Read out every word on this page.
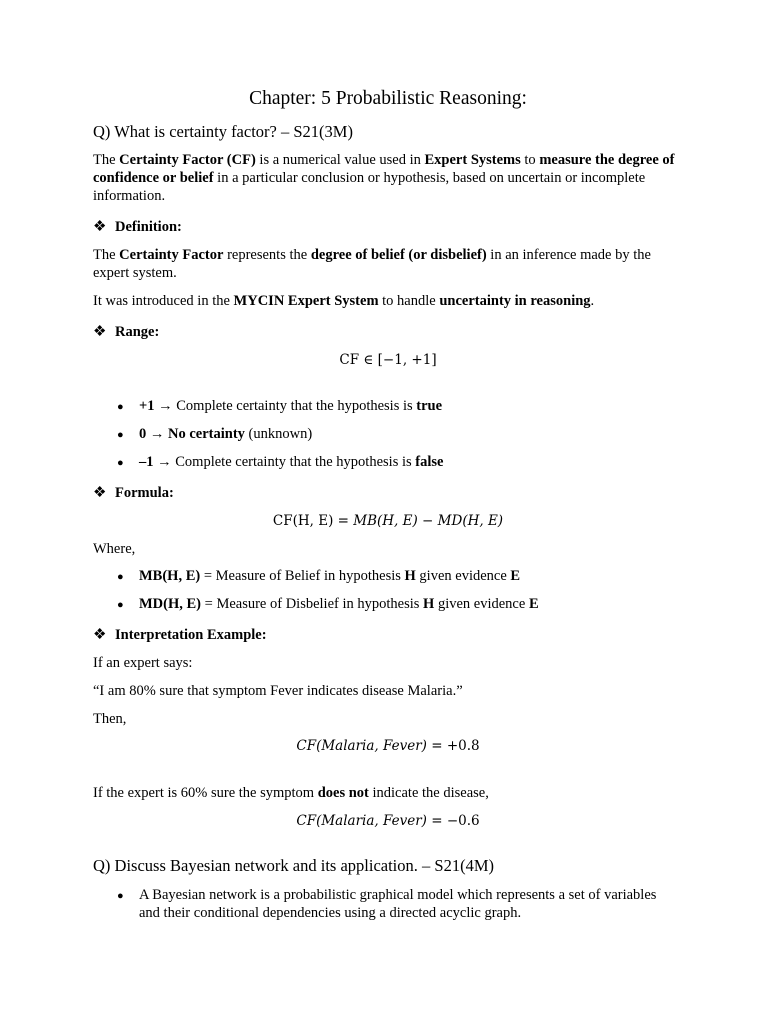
Chapter: 5 Probabilistic Reasoning:
Q) What is certainty factor? – S21(3M)
The Certainty Factor (CF) is a numerical value used in Expert Systems to measure the degree of confidence or belief in a particular conclusion or hypothesis, based on uncertain or incomplete information.
❖ Definition:
The Certainty Factor represents the degree of belief (or disbelief) in an inference made by the expert system.
It was introduced in the MYCIN Expert System to handle uncertainty in reasoning.
❖ Range:
CF ∈ [−1, +1]
● +1 → Complete certainty that the hypothesis is true
● 0 → No certainty (unknown)
● –1 → Complete certainty that the hypothesis is false
❖ Formula:
CF(H, E) = MB(H, E) − MD(H, E)
Where,
● MB(H, E) = Measure of Belief in hypothesis H given evidence E
● MD(H, E) = Measure of Disbelief in hypothesis H given evidence E
❖ Interpretation Example:
If an expert says:
“I am 80% sure that symptom Fever indicates disease Malaria.”
Then,
CF(Malaria, Fever) = +0.8
If the expert is 60% sure the symptom does not indicate the disease,
CF(Malaria, Fever) = −0.6
Q) Discuss Bayesian network and its application. – S21(4M)
● A Bayesian network is a probabilistic graphical model which represents a set of variables and their conditional dependencies using a directed acyclic graph.
